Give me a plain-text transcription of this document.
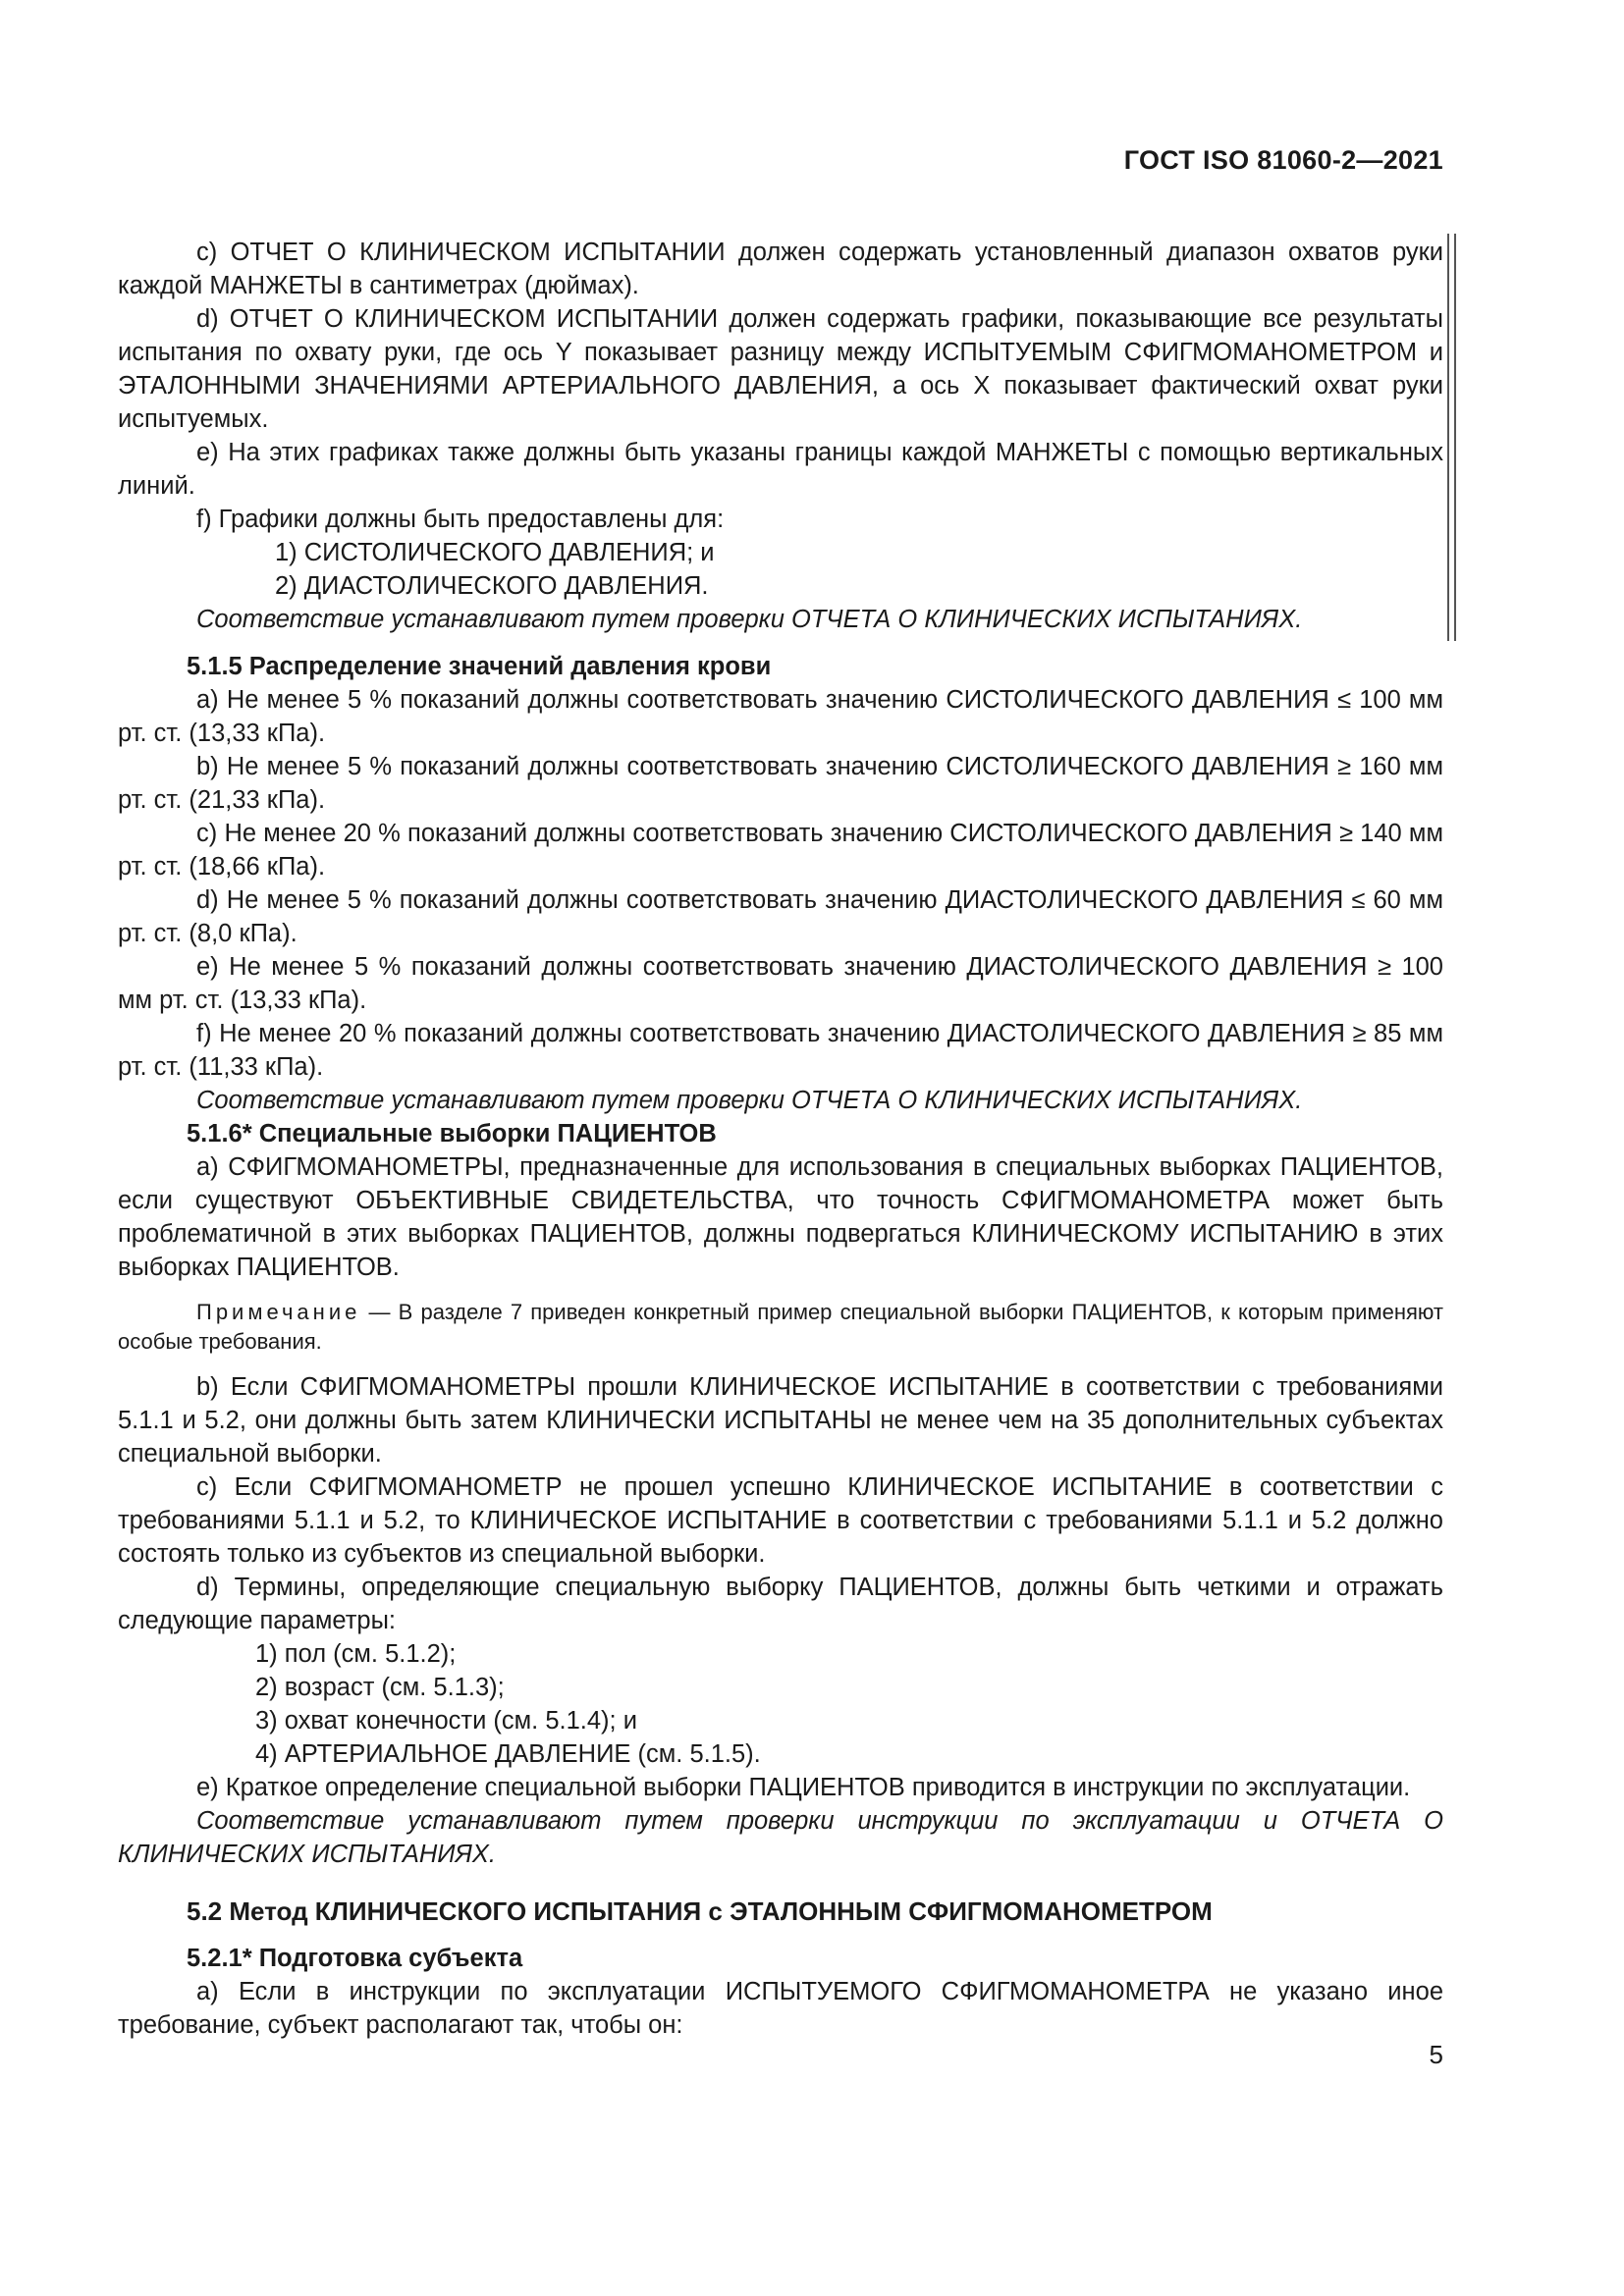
ГОСТ ISO 81060-2—2021

c) ОТЧЕТ О КЛИНИЧЕСКОМ ИСПЫТАНИИ должен содержать установленный диапазон охватов руки каждой МАНЖЕТЫ в сантиметрах (дюймах).

d) ОТЧЕТ О КЛИНИЧЕСКОМ ИСПЫТАНИИ должен содержать графики, показывающие все результаты испытания по охвату руки, где ось Y показывает разницу между ИСПЫТУЕМЫМ СФИГМОМАНОМЕТРОМ и ЭТАЛОННЫМИ ЗНАЧЕНИЯМИ АРТЕРИАЛЬНОГО ДАВЛЕНИЯ, а ось X показывает фактический охват руки испытуемых.

e) На этих графиках также должны быть указаны границы каждой МАНЖЕТЫ с помощью вертикальных линий.

f) Графики должны быть предоставлены для:

1) СИСТОЛИЧЕСКОГО ДАВЛЕНИЯ; и

2) ДИАСТОЛИЧЕСКОГО ДАВЛЕНИЯ.

Соответствие устанавливают путем проверки ОТЧЕТА О КЛИНИЧЕСКИХ ИСПЫТАНИЯХ.

5.1.5 Распределение значений давления крови

a) Не менее 5 % показаний должны соответствовать значению СИСТОЛИЧЕСКОГО ДАВЛЕНИЯ ≤ 100 мм рт. ст. (13,33 кПа).

b) Не менее 5 % показаний должны соответствовать значению СИСТОЛИЧЕСКОГО ДАВЛЕНИЯ ≥ 160 мм рт. ст. (21,33 кПа).

c) Не менее 20 % показаний должны соответствовать значению СИСТОЛИЧЕСКОГО ДАВЛЕНИЯ ≥ 140 мм рт. ст. (18,66 кПа).

d) Не менее 5 % показаний должны соответствовать значению ДИАСТОЛИЧЕСКОГО ДАВЛЕНИЯ ≤ 60 мм рт. ст. (8,0 кПа).

e) Не менее 5 % показаний должны соответствовать значению ДИАСТОЛИЧЕСКОГО ДАВЛЕНИЯ ≥ 100 мм рт. ст. (13,33 кПа).

f) Не менее 20 % показаний должны соответствовать значению ДИАСТОЛИЧЕСКОГО ДАВЛЕНИЯ ≥ 85 мм рт. ст. (11,33 кПа).

Соответствие устанавливают путем проверки ОТЧЕТА О КЛИНИЧЕСКИХ ИСПЫТАНИЯХ.

5.1.6* Специальные выборки ПАЦИЕНТОВ

a) СФИГМОМАНОМЕТРЫ, предназначенные для использования в специальных выборках ПАЦИЕНТОВ, если существуют ОБЪЕКТИВНЫЕ СВИДЕТЕЛЬСТВА, что точность СФИГМОМАНОМЕТРА может быть проблематичной в этих выборках ПАЦИЕНТОВ, должны подвергаться КЛИНИЧЕСКОМУ ИСПЫТАНИЮ в этих выборках ПАЦИЕНТОВ.

Примечание — В разделе 7 приведен конкретный пример специальной выборки ПАЦИЕНТОВ, к которым применяют особые требования.

b) Если СФИГМОМАНОМЕТРЫ прошли КЛИНИЧЕСКОЕ ИСПЫТАНИЕ в соответствии с требованиями 5.1.1 и 5.2, они должны быть затем КЛИНИЧЕСКИ ИСПЫТАНЫ не менее чем на 35 дополнительных субъектах специальной выборки.

c) Если СФИГМОМАНОМЕТР не прошел успешно КЛИНИЧЕСКОЕ ИСПЫТАНИЕ в соответствии с требованиями 5.1.1 и 5.2, то КЛИНИЧЕСКОЕ ИСПЫТАНИЕ в соответствии с требованиями 5.1.1 и 5.2 должно состоять только из субъектов из специальной выборки.

d) Термины, определяющие специальную выборку ПАЦИЕНТОВ, должны быть четкими и отражать следующие параметры:

1) пол (см. 5.1.2);

2) возраст (см. 5.1.3);

3) охват конечности (см. 5.1.4); и

4) АРТЕРИАЛЬНОЕ ДАВЛЕНИЕ (см. 5.1.5).

e) Краткое определение специальной выборки ПАЦИЕНТОВ приводится в инструкции по эксплуатации.

Соответствие устанавливают путем проверки инструкции по эксплуатации и ОТЧЕТА О КЛИНИЧЕСКИХ ИСПЫТАНИЯХ.

5.2 Метод КЛИНИЧЕСКОГО ИСПЫТАНИЯ с ЭТАЛОННЫМ СФИГМОМАНОМЕТРОМ

5.2.1* Подготовка субъекта

a) Если в инструкции по эксплуатации ИСПЫТУЕМОГО СФИГМОМАНОМЕТРА не указано иное требование, субъект располагают так, чтобы он:

5
